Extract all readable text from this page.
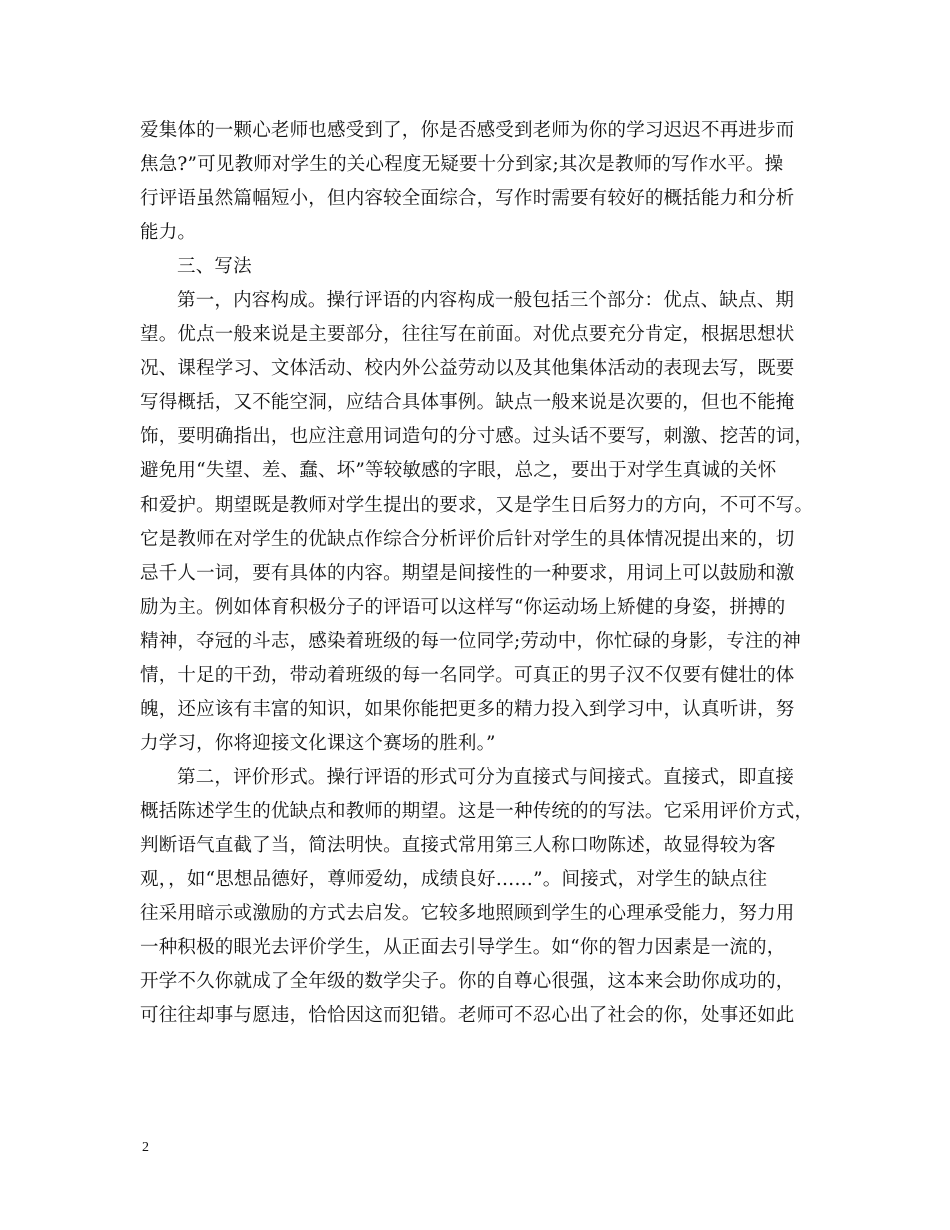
爱集体的一颗心老师也感受到了，你是否感受到老师为你的学习迟迟不再进步而
焦急?”可见教师对学生的关心程度无疑要十分到家;其次是教师的写作水平。操
行评语虽然篇幅短小，但内容较全面综合，写作时需要有较好的概括能力和分析
能力。
三、写法
第一，内容构成。操行评语的内容构成一般包括三个部分：优点、缺点、期
望。优点一般来说是主要部分，往往写在前面。对优点要充分肯定，根据思想状
况、课程学习、文体活动、校内外公益劳动以及其他集体活动的表现去写，既要
写得概括，又不能空洞，应结合具体事例。缺点一般来说是次要的，但也不能掩
饰，要明确指出，也应注意用词造句的分寸感。过头话不要写，刺激、挖苦的词，
避免用“失望、差、蠢、坏”等较敏感的字眼，总之，要出于对学生真诚的关怀
和爱护。期望既是教师对学生提出的要求，又是学生日后努力的方向，不可不写。
它是教师在对学生的优缺点作综合分析评价后针对学生的具体情况提出来的，切
忌千人一词，要有具体的内容。期望是间接性的一种要求，用词上可以鼓励和激
励为主。例如体育积极分子的评语可以这样写“你运动场上矫健的身姿，拼搏的
精神，夺冠的斗志，感染着班级的每一位同学;劳动中，你忙碌的身影，专注的神
情，十足的干劲，带动着班级的每一名同学。可真正的男子汉不仅要有健壮的体
魄，还应该有丰富的知识，如果你能把更多的精力投入到学习中，认真听讲，努
力学习，你将迎接文化课这个赛场的胜利。”
第二，评价形式。操行评语的形式可分为直接式与间接式。直接式，即直接
概括陈述学生的优缺点和教师的期望。这是一种传统的的写法。它采用评价方式，
判断语气直截了当，简法明快。直接式常用第三人称口吻陈述，故显得较为客
观，，如“思想品德好，尊师爱幼，成绩良好……”。间接式，对学生的缺点往
往采用暗示或激励的方式去启发。它较多地照顾到学生的心理承受能力，努力用
一种积极的眼光去评价学生，从正面去引导学生。如“你的智力因素是一流的，
开学不久你就成了全年级的数学尖子。你的自尊心很强，这本来会助你成功的，
可往往却事与愿违，恰恰因这而犯错。老师可不忍心出了社会的你，处事还如此
2
